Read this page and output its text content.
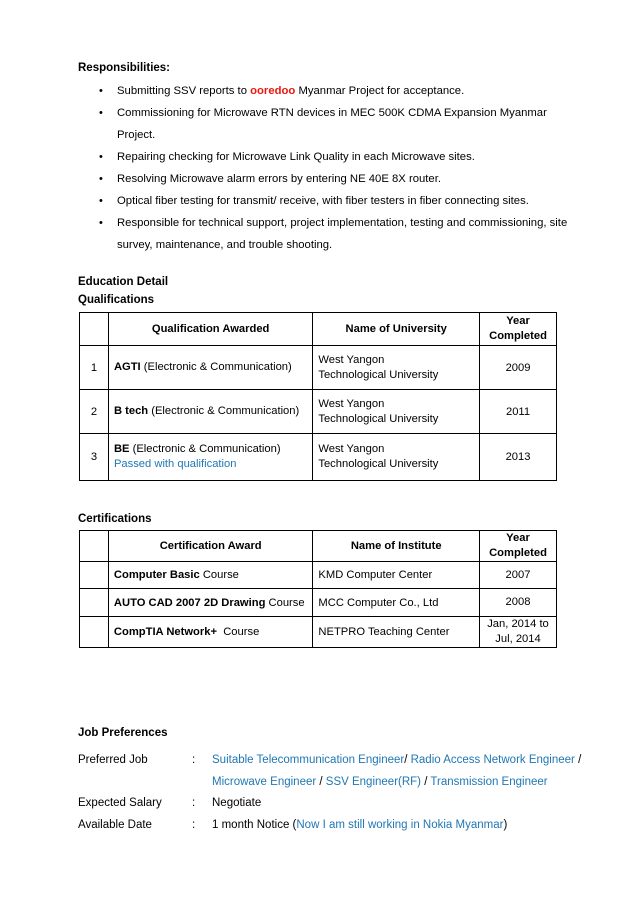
Responsibilities:
• Submitting SSV reports to ooredoo Myanmar Project for acceptance.
• Commissioning for Microwave RTN devices in MEC 500K CDMA Expansion Myanmar Project.
• Repairing checking for Microwave Link Quality in each Microwave sites.
• Resolving Microwave alarm errors by entering NE 40E 8X router.
• Optical fiber testing for transmit/ receive, with fiber testers in fiber connecting sites.
• Responsible for technical support, project implementation, testing and commissioning, site survey, maintenance, and trouble shooting.
Education Detail
Qualifications
	Qualification Awarded	Name of University	Year Completed
1	AGTI (Electronic & Communication)	West Yangon Technological University	2009
2	B tech (Electronic & Communication)	West Yangon Technological University	2011
3	BE (Electronic & Communication)
Passed with qualification	West Yangon Technological University	2013
Certifications
	Certification Award	Name of Institute	Year Completed
	Computer Basic Course	KMD Computer Center	2007
	AUTO CAD 2007 2D Drawing Course	MCC Computer Co., Ltd	2008
	CompTIA Network+  Course	NETPRO Teaching Center	Jan, 2014 to Jul, 2014
Job Preferences
Preferred Job	: Suitable Telecommunication Engineer/ Radio Access Network Engineer /
Microwave Engineer / SSV Engineer(RF) / Transmission Engineer
Expected Salary	: Negotiate
Available Date	: 1 month Notice (Now I am still working in Nokia Myanmar)
